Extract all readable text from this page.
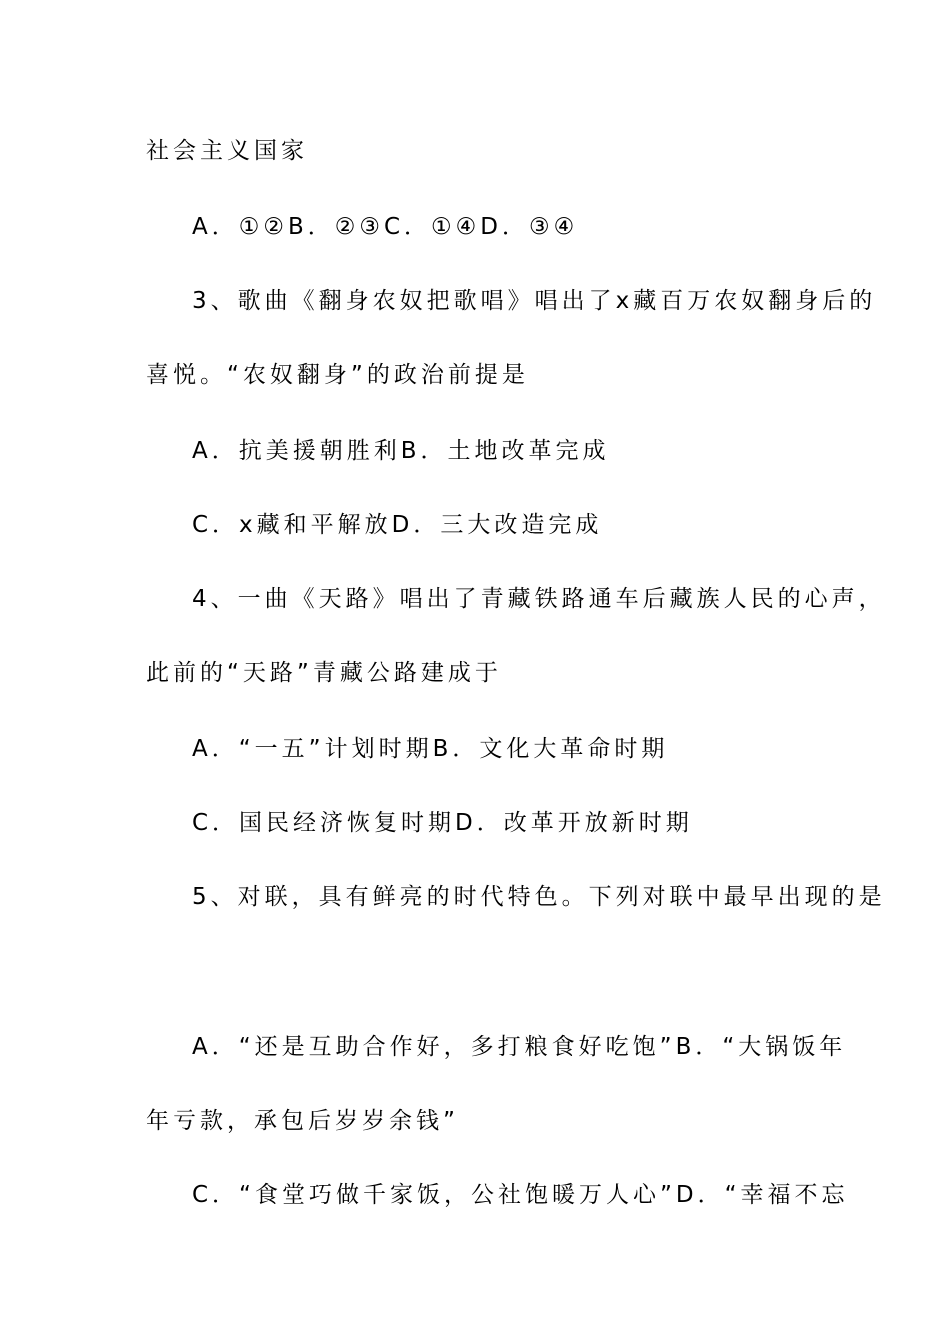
社会主义国家
A．①②B．②③C．①④D．③④
3、歌曲《翻身农奴把歌唱》唱出了x藏百万农奴翻身后的
喜悦。“农奴翻身”的政治前提是
A．抗美援朝胜利B．土地改革完成
C．x藏和平解放D．三大改造完成
4、一曲《天路》唱出了青藏铁路通车后藏族人民的心声，
此前的“天路”青藏公路建成于
A．“一五”计划时期B．文化大革命时期
C．国民经济恢复时期D．改革开放新时期
5、对联，具有鲜亮的时代特色。下列对联中最早出现的是
A．“还是互助合作好，多打粮食好吃饱”B．“大锅饭年
年亏款，承包后岁岁余钱”
C．“食堂巧做千家饭，公社饱暖万人心”D．“幸福不忘
